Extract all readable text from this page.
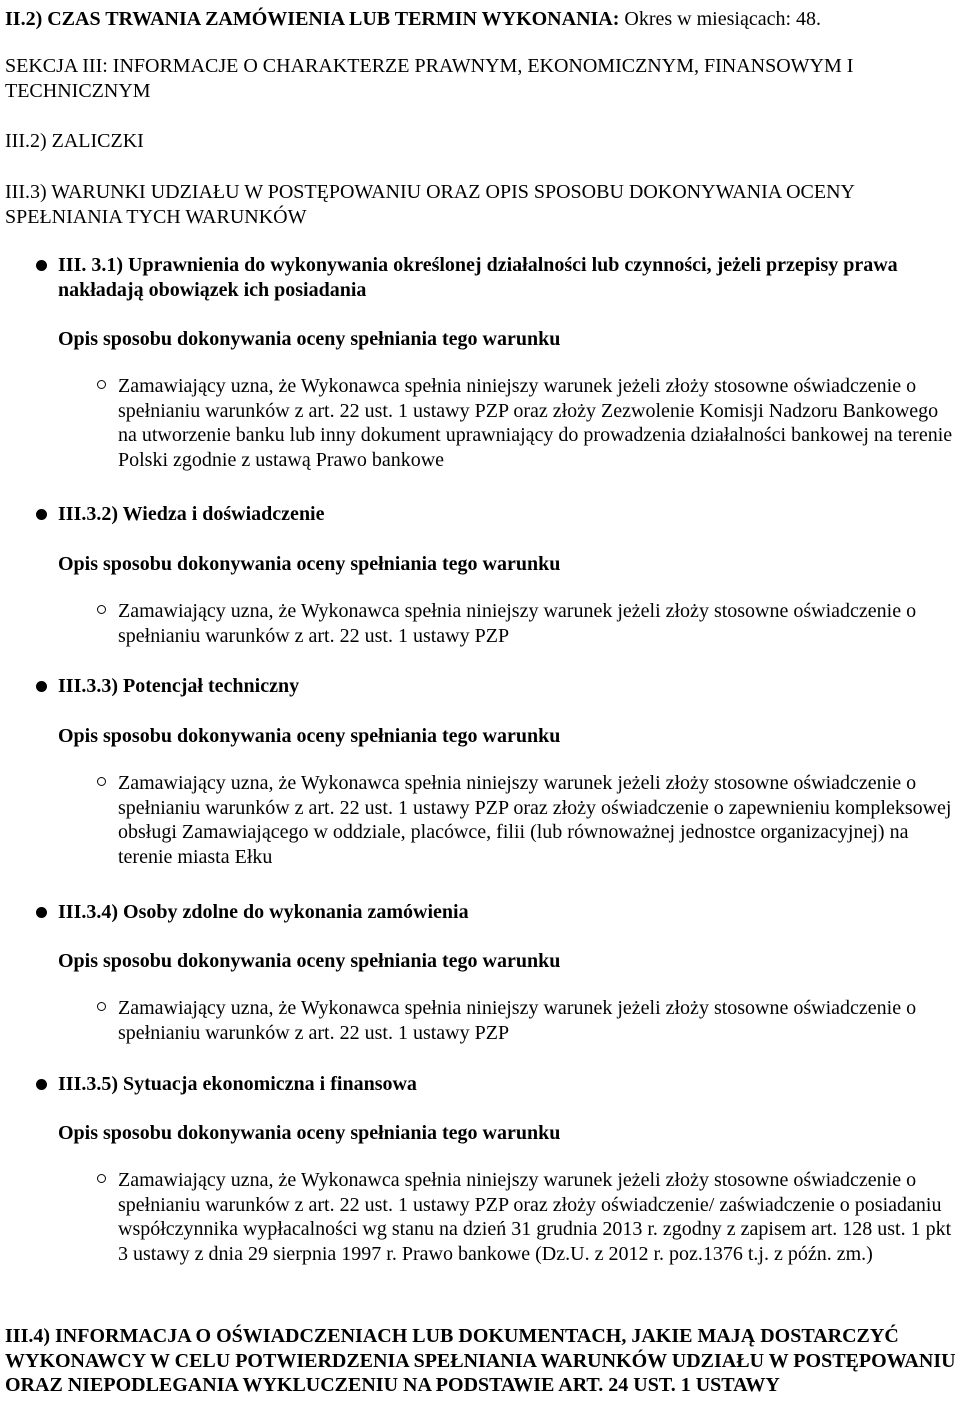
II.2) CZAS TRWANIA ZAMÓWIENIA LUB TERMIN WYKONANIA: Okres w miesiącach: 48.

SEKCJA III: INFORMACJE O CHARAKTERZE PRAWNYM, EKONOMICZNYM, FINANSOWYM I TECHNICZNYM

III.2) ZALICZKI

III.3) WARUNKI UDZIAŁU W POSTĘPOWANIU ORAZ OPIS SPOSOBU DOKONYWANIA OCENY SPEŁNIANIA TYCH WARUNKÓW

III. 3.1) Uprawnienia do wykonywania określonej działalności lub czynności, jeżeli przepisy prawa nakładają obowiązek ich posiadania

Opis sposobu dokonywania oceny spełniania tego warunku

Zamawiający uzna, że Wykonawca spełnia niniejszy warunek jeżeli złoży stosowne oświadczenie o spełnianiu warunków z art. 22 ust. 1 ustawy PZP oraz złoży Zezwolenie Komisji Nadzoru Bankowego na utworzenie banku lub inny dokument uprawniający do prowadzenia działalności bankowej na terenie Polski zgodnie z ustawą Prawo bankowe

III.3.2) Wiedza i doświadczenie

Opis sposobu dokonywania oceny spełniania tego warunku

Zamawiający uzna, że Wykonawca spełnia niniejszy warunek jeżeli złoży stosowne oświadczenie o spełnianiu warunków z art. 22 ust. 1 ustawy PZP

III.3.3) Potencjał techniczny

Opis sposobu dokonywania oceny spełniania tego warunku

Zamawiający uzna, że Wykonawca spełnia niniejszy warunek jeżeli złoży stosowne oświadczenie o spełnianiu warunków z art. 22 ust. 1 ustawy PZP oraz złoży oświadczenie o zapewnieniu kompleksowej obsługi Zamawiającego w oddziale, placówce, filii (lub równoważnej jednostce organizacyjnej) na terenie miasta Ełku

III.3.4) Osoby zdolne do wykonania zamówienia

Opis sposobu dokonywania oceny spełniania tego warunku

Zamawiający uzna, że Wykonawca spełnia niniejszy warunek jeżeli złoży stosowne oświadczenie o spełnianiu warunków z art. 22 ust. 1 ustawy PZP

III.3.5) Sytuacja ekonomiczna i finansowa

Opis sposobu dokonywania oceny spełniania tego warunku

Zamawiający uzna, że Wykonawca spełnia niniejszy warunek jeżeli złoży stosowne oświadczenie o spełnianiu warunków z art. 22 ust. 1 ustawy PZP oraz złoży oświadczenie/ zaświadczenie o posiadaniu współczynnika wypłacalności wg stanu na dzień 31 grudnia 2013 r. zgodny z zapisem art. 128 ust. 1 pkt 3 ustawy z dnia 29 sierpnia 1997 r. Prawo bankowe (Dz.U. z 2012 r. poz.1376 t.j. z późn. zm.)

III.4) INFORMACJA O OŚWIADCZENIACH LUB DOKUMENTACH, JAKIE MAJĄ DOSTARCZYĆ WYKONAWCY W CELU POTWIERDZENIA SPEŁNIANIA WARUNKÓW UDZIAŁU W POSTĘPOWANIU ORAZ NIEPODLEGANIA WYKLUCZENIU NA PODSTAWIE ART. 24 UST. 1 USTAWY
